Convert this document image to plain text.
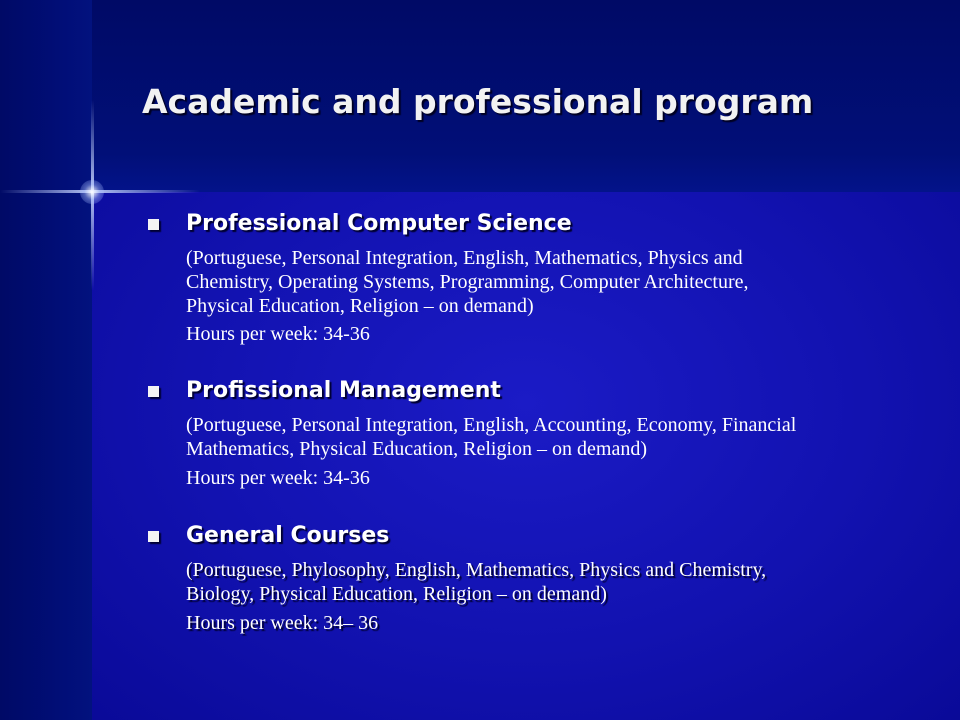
Academic and professional program
Professional Computer Science
(Portuguese, Personal Integration, English, Mathematics, Physics and
Chemistry, Operating Systems, Programming, Computer Architecture,
Physical Education, Religion – on demand)
Hours per week: 34-36
Profissional Management
(Portuguese, Personal Integration, English, Accounting, Economy, Financial
Mathematics, Physical Education, Religion – on demand)
Hours per week: 34-36
General Courses
(Portuguese, Phylosophy, English, Mathematics, Physics and Chemistry,
Biology, Physical Education, Religion – on demand)
Hours per week: 34– 36
